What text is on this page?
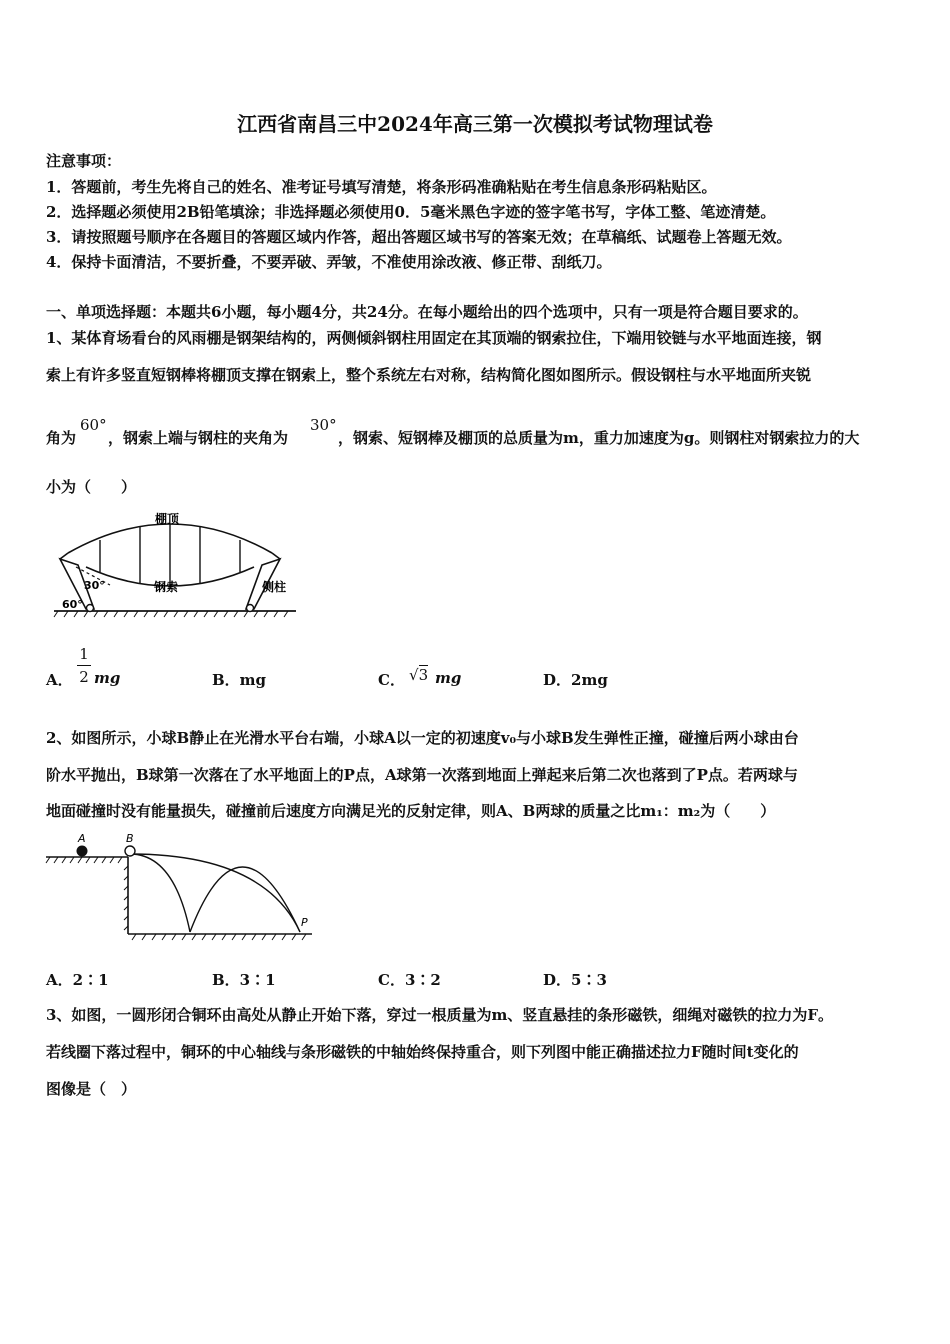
江西省南昌三中2024年高三第一次模拟考试物理试卷
注意事项：
1．答题前，考生先将自己的姓名、准考证号填写清楚，将条形码准确粘贴在考生信息条形码粘贴区。
2．选择题必须使用2B铅笔填涂；非选择题必须使用0．5毫米黑色字迹的签字笔书写，字体工整、笔迹清楚。
3．请按照题号顺序在各题目的答题区域内作答，超出答题区域书写的答案无效；在草稿纸、试题卷上答题无效。
4．保持卡面清洁，不要折叠，不要弄破、弄皱，不准使用涂改液、修正带、刮纸刀。
一、单项选择题：本题共6小题，每小题4分，共24分。在每小题给出的四个选项中，只有一项是符合题目要求的。
1、某体育场看台的风雨棚是钢架结构的，两侧倾斜钢柱用固定在其顶端的钢索拉住，下端用铰链与水平地面连接，钢
索上有许多竖直短钢棒将棚顶支撑在钢索上，整个系统左右对称，结构简化图如图所示。假设钢柱与水平地面所夹锐
角为
60°
，钢索上端与钢柱的夹角为
30°
，钢索、短钢棒及棚顶的总质量为m，重力加速度为g。则钢柱对钢索拉力的大
小为（　　）
棚顶
钢索	侧柱
30°
60°
A．
1
2 mg	B．mg	C． √3 mg	D．2mg
2、如图所示，小球B静止在光滑水平台右端，小球A以一定的初速度v₀与小球B发生弹性正撞，碰撞后两小球由台
阶水平抛出，B球第一次落在了水平地面上的P点，A球第一次落到地面上弹起来后第二次也落到了P点。若两球与
地面碰撞时没有能量损失，碰撞前后速度方向满足光的反射定律，则A、B两球的质量之比m₁：m₂为（　　）
A	B
P
A．2∶1	B．3∶1	C．3∶2	D．5∶3
3、如图，一圆形闭合铜环由高处从静止开始下落，穿过一根质量为m、竖直悬挂的条形磁铁，细绳对磁铁的拉力为F。
若线圈下落过程中，铜环的中心轴线与条形磁铁的中轴始终保持重合，则下列图中能正确描述拉力F随时间t变化的
图像是（　）
